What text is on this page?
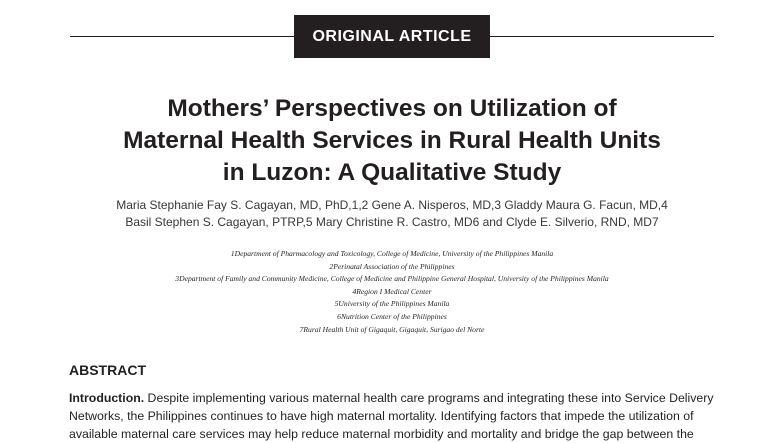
ORIGINAL ARTICLE
Mothers’ Perspectives on Utilization of
Maternal Health Services in Rural Health Units
in Luzon: A Qualitative Study
Maria Stephanie Fay S. Cagayan, MD, PhD,1,2 Gene A. Nisperos, MD,3 Gladdy Maura G. Facun, MD,4
Basil Stephen S. Cagayan, PTRP,5 Mary Christine R. Castro, MD6 and Clyde E. Silverio, RND, MD7
1Department of Pharmacology and Toxicology, College of Medicine, University of the Philippines Manila
2Perinatal Association of the Philippines
3Department of Family and Community Medicine, College of Medicine and Philippine General Hospital, University of the Philippines Manila
4Region I Medical Center
5University of the Philippines Manila
6Nutrition Center of the Philippines
7Rural Health Unit of Gigaquit, Gigaquit, Surigao del Norte
ABSTRACT
Introduction. Despite implementing various maternal health care programs and integrating these into Service Delivery
Networks, the Philippines continues to have high maternal mortality. Identifying factors that impede the utilization of
available maternal care services may help reduce maternal morbidity and mortality and bridge the gap between the
